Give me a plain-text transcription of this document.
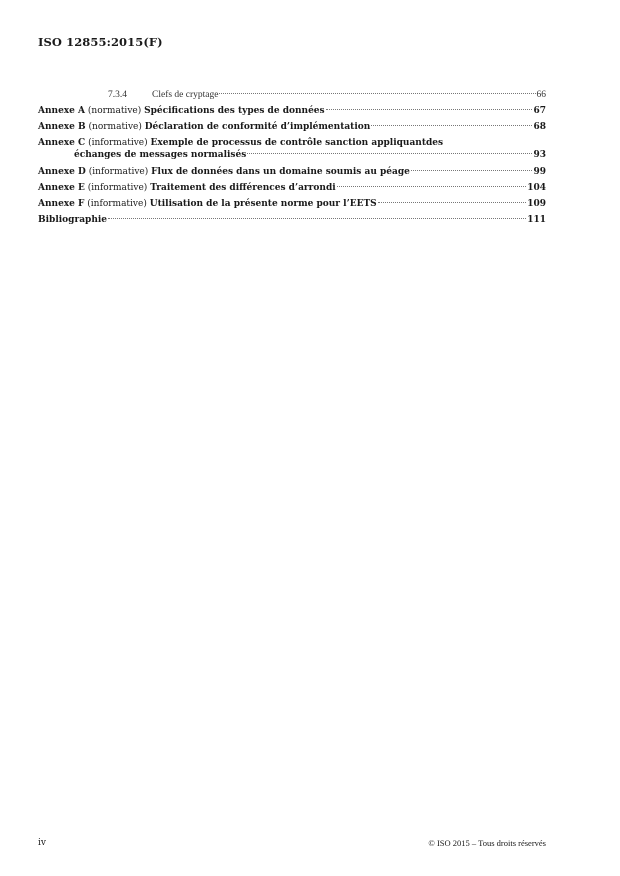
ISO 12855:2015(F)
7.3.4	Clefs de cryptage	66
Annexe A (normative) Spécifications des types de données	67
Annexe B (normative) Déclaration de conformité d’implémentation	68
Annexe C (informative) Exemple de processus de contrôle sanction appliquantdes
échanges de messages normalisés	93
Annexe D (informative) Flux de données dans un domaine soumis au péage	99
Annexe E (informative) Traitement des différences d’arrondi	104
Annexe F (informative) Utilisation de la présente norme pour l’EETS	109
Bibliographie	111
iv	© ISO 2015 – Tous droits réservés
